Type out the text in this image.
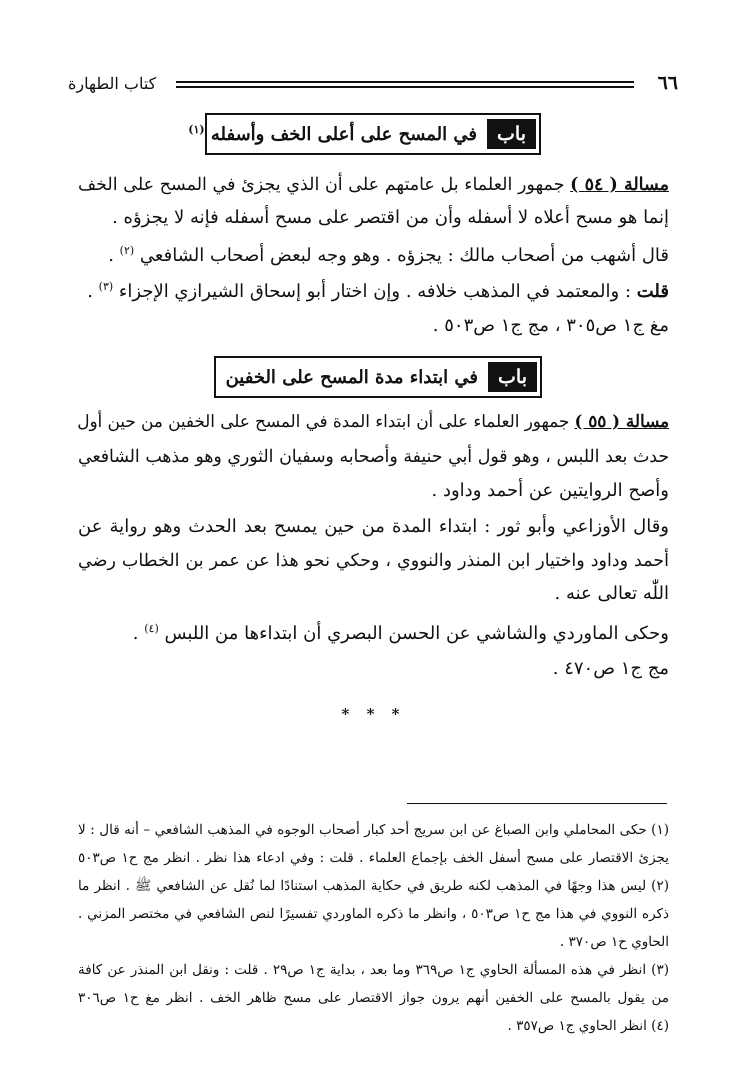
٦٦
كتاب الطهارة
باب
في المسح على أعلى الخف وأسفله $^{(١)}$
مسالة ( ٥٤ ) جمهور العلماء بل عامتهم على أن الذي يجزئ في المسح على الخف
إنما هو مسح أعلاه لا أسفله وأن من اقتصر على مسح أسفله فإنه لا يجزؤه .
قال أشهب من أصحاب مالك : يجزؤه . وهو وجه لبعض أصحاب الشافعي $^{(٢)}$ .
قلت : والمعتمد في المذهب خلافه . وإن اختار أبو إسحاق الشيرازي الإجزاء $^{(٣)}$ .
مغ ج١ ص٣٠٥ ، مج ج١ ص٥٠٣ .
باب
في ابتداء مدة المسح على الخفين
مسالة ( ٥٥ ) جمهور العلماء على أن ابتداء المدة في المسح على الخفين من حين أول
حدث بعد اللبس ، وهو قول أبي حنيفة وأصحابه وسفيان الثوري وهو مذهب الشافعي
وأصح الروايتين عن أحمد وداود .
وقال الأوزاعي وأبو ثور : ابتداء المدة من حين يمسح بعد الحدث وهو رواية عن
أحمد وداود واختيار ابن المنذر والنووي ، وحكي نحو هذا عن عمر بن الخطاب رضي
اللّٰه تعالى عنه .
وحكى الماوردي والشاشي عن الحسن البصري أن ابتداءها من اللبس $^{(٤)}$ .
مج ج١ ص٤٧٠ .
* * *
(١) حكى المحاملي وابن الصباغ عن ابن سريج أحد كبار أصحاب الوجوه في المذهب الشافعي – أنه قال : لا
يجزئ الاقتصار على مسح أسفل الخف بإجماع العلماء . قلت : وفي ادعاء هذا نظر . انظر مج ح١ ص٥٠٣
(٢) ليس هذا وجهًا في المذهب لكنه طريق في حكاية المذهب استنادًا لما نُقل عن الشافعي ﷺ . انظر ما
ذكره النووي في هذا مج ح١ ص٥٠٣ ، وانظر ما ذكره الماوردي تفسيرًا لنص الشافعي في مختصر المزني .
الحاوي ح١ ص٣٧٠ .
(٣) انظر في هذه المسألة الحاوي ج١ ص٣٦٩ وما بعد ، بداية ج١ ص٢٩ . قلت : ونقل ابن المنذر عن كافة
من يقول بالمسح على الخفين أنهم يرون جواز الاقتصار على مسح ظاهر الخف . انظر مغ ح١ ص٣٠٦
(٤) انظر الحاوي ج١ ص٣٥٧ .
